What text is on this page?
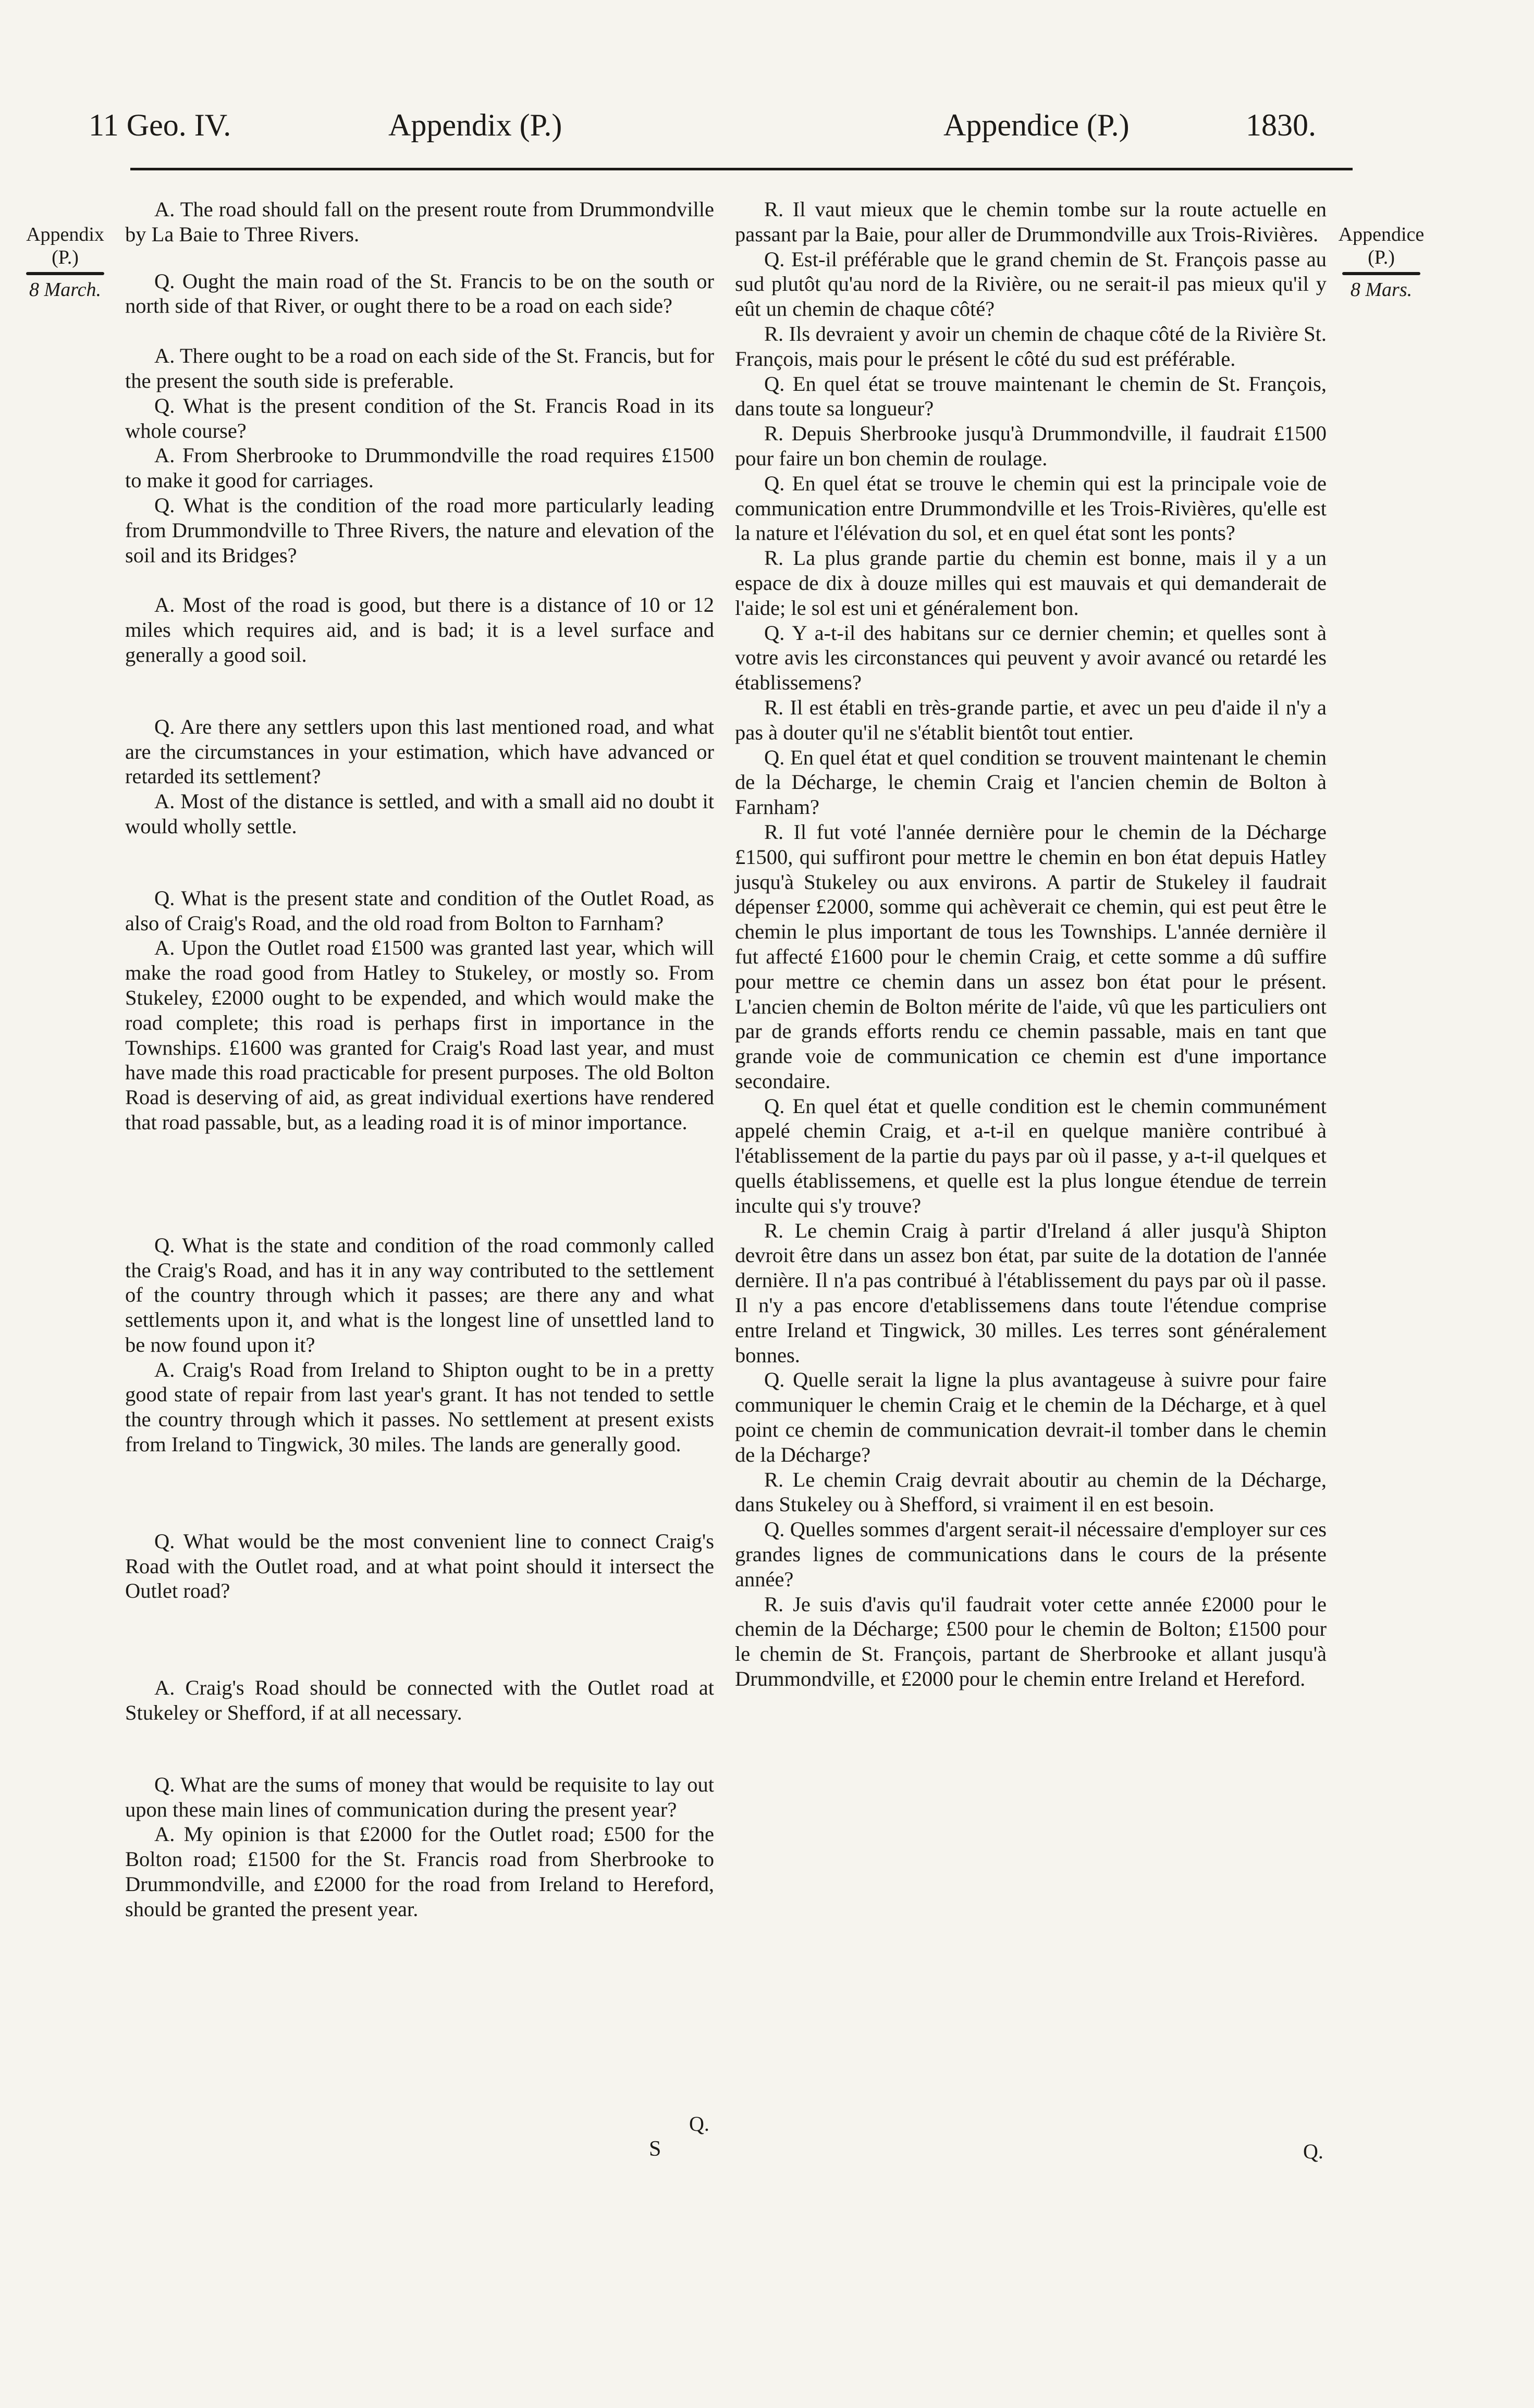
11 Geo. IV.	Appendix (P.)	Appendice (P.)	1830.
Appendix
(P.)
8 March.
Appendice
(P.)
8 Mars.

A. The road should fall on the present route from Drummondville by La Baie to Three Rivers.

Q. Ought the main road of the St. Francis to be on the south or north side of that River, or ought there to be a road on each side?

A. There ought to be a road on each side of the St. Francis, but for the present the south side is preferable.

Q. What is the present condition of the St. Francis Road in its whole course?

A. From Sherbrooke to Drummondville the road requires £1500 to make it good for carriages.

Q. What is the condition of the road more particularly leading from Drummondville to Three Rivers, the nature and elevation of the soil and its Bridges?

A. Most of the road is good, but there is a distance of 10 or 12 miles which requires aid, and is bad; it is a level surface and generally a good soil.

Q. Are there any settlers upon this last mentioned road, and what are the circumstances in your estimation, which have advanced or retarded its settlement?

A. Most of the distance is settled, and with a small aid no doubt it would wholly settle.

Q. What is the present state and condition of the Outlet Road, as also of Craig's Road, and the old road from Bolton to Farnham?

A. Upon the Outlet road £1500 was granted last year, which will make the road good from Hatley to Stukeley, or mostly so. From Stukeley, £2000 ought to be expended, and which would make the road complete; this road is perhaps first in importance in the Townships. £1600 was granted for Craig's Road last year, and must have made this road practicable for present purposes. The old Bolton Road is deserving of aid, as great individual exertions have rendered that road passable, but, as a leading road it is of minor importance.

Q. What is the state and condition of the road commonly called the Craig's Road, and has it in any way contributed to the settlement of the country through which it passes; are there any and what settlements upon it, and what is the longest line of unsettled land to be now found upon it?

A. Craig's Road from Ireland to Shipton ought to be in a pretty good state of repair from last year's grant. It has not tended to settle the country through which it passes. No settlement at present exists from Ireland to Tingwick, 30 miles. The lands are generally good.

Q. What would be the most convenient line to connect Craig's Road with the Outlet road, and at what point should it intersect the Outlet road?

A. Craig's Road should be connected with the Outlet road at Stukeley or Shefford, if at all necessary.

Q. What are the sums of money that would be requisite to lay out upon these main lines of communication during the present year?

A. My opinion is that £2000 for the Outlet road; £500 for the Bolton road; £1500 for the St. Francis road from Sherbrooke to Drummondville, and £2000 for the road from Ireland to Hereford, should be granted the present year.

R. Il vaut mieux que le chemin tombe sur la route actuelle en passant par la Baie, pour aller de Drummondville aux Trois-Rivières.

Q. Est-il préférable que le grand chemin de St. François passe au sud plutôt qu'au nord de la Rivière, ou ne serait-il pas mieux qu'il y eût un chemin de chaque côté?

R. Ils devraient y avoir un chemin de chaque côté de la Rivière St. François, mais pour le présent le côté du sud est préférable.

Q. En quel état se trouve maintenant le chemin de St. François, dans toute sa longueur?

R. Depuis Sherbrooke jusqu'à Drummondville, il faudrait £1500 pour faire un bon chemin de roulage.

Q. En quel état se trouve le chemin qui est la principale voie de communication entre Drummondville et les Trois-Rivières, qu'elle est la nature et l'élévation du sol, et en quel état sont les ponts?

R. La plus grande partie du chemin est bonne, mais il y a un espace de dix à douze milles qui est mauvais et qui demanderait de l'aide; le sol est uni et généralement bon.

Q. Y a-t-il des habitans sur ce dernier chemin; et quelles sont à votre avis les circonstances qui peuvent y avoir avancé ou retardé les établissemens?

R. Il est établi en très-grande partie, et avec un peu d'aide il n'y a pas à douter qu'il ne s'établit bientôt tout entier.

Q. En quel état et quel condition se trouvent maintenant le chemin de la Décharge, le chemin Craig et l'ancien chemin de Bolton à Farnham?

R. Il fut voté l'année dernière pour le chemin de la Décharge £1500, qui suffiront pour mettre le chemin en bon état depuis Hatley jusqu'à Stukeley ou aux environs. A partir de Stukeley il faudrait dépenser £2000, somme qui achèverait ce chemin, qui est peut être le chemin le plus important de tous les Townships. L'année dernière il fut affecté £1600 pour le chemin Craig, et cette somme a dû suffire pour mettre ce chemin dans un assez bon état pour le présent. L'ancien chemin de Bolton mérite de l'aide, vû que les particuliers ont par de grands efforts rendu ce chemin passable, mais en tant que grande voie de communication ce chemin est d'une importance secondaire.

Q. En quel état et quelle condition est le chemin communément appelé chemin Craig, et a-t-il en quelque manière contribué à l'établissement de la partie du pays par où il passe, y a-t-il quelques et quells établissemens, et quelle est la plus longue étendue de terrein inculte qui s'y trouve?

R. Le chemin Craig à partir d'Ireland á aller jusqu'à Shipton devroit être dans un assez bon état, par suite de la dotation de l'année dernière. Il n'a pas contribué à l'établissement du pays par où il passe. Il n'y a pas encore d'etablissemens dans toute l'étendue comprise entre Ireland et Tingwick, 30 milles. Les terres sont généralement bonnes.

Q. Quelle serait la ligne la plus avantageuse à suivre pour faire communiquer le chemin Craig et le chemin de la Décharge, et à quel point ce chemin de communication devrait-il tomber dans le chemin de la Décharge?

R. Le chemin Craig devrait aboutir au chemin de la Décharge, dans Stukeley ou à Shefford, si vraiment il en est besoin.

Q. Quelles sommes d'argent serait-il nécessaire d'employer sur ces grandes lignes de communications dans le cours de la présente année?

R. Je suis d'avis qu'il faudrait voter cette année £2000 pour le chemin de la Décharge; £500 pour le chemin de Bolton; £1500 pour le chemin de St. François, partant de Sherbrooke et allant jusqu'à Drummondville, et £2000 pour le chemin entre Ireland et Hereford.

Q.
S	Q.
